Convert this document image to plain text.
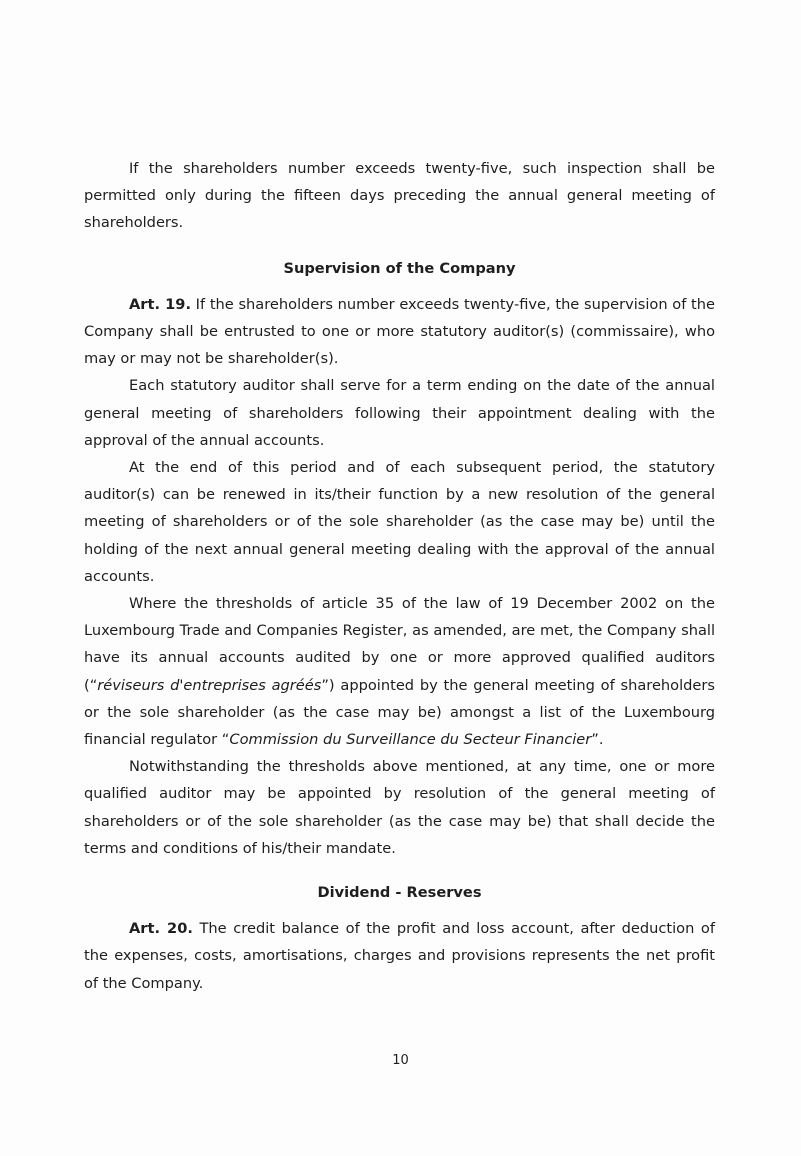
If the shareholders number exceeds twenty-five, such inspection shall be permitted only during the fifteen days preceding the annual general meeting of shareholders.

Supervision of the Company

Art. 19. If the shareholders number exceeds twenty-five, the supervision of the Company shall be entrusted to one or more statutory auditor(s) (commissaire), who may or may not be shareholder(s).

Each statutory auditor shall serve for a term ending on the date of the annual general meeting of shareholders following their appointment dealing with the approval of the annual accounts.

At the end of this period and of each subsequent period, the statutory auditor(s) can be renewed in its/their function by a new resolution of the general meeting of shareholders or of the sole shareholder (as the case may be) until the holding of the next annual general meeting dealing with the approval of the annual accounts.

Where the thresholds of article 35 of the law of 19 December 2002 on the Luxembourg Trade and Companies Register, as amended, are met, the Company shall have its annual accounts audited by one or more approved qualified auditors (“réviseurs d'entreprises agréés”) appointed by the general meeting of shareholders or the sole shareholder (as the case may be) amongst a list of the Luxembourg financial regulator “Commission du Surveillance du Secteur Financier”.

Notwithstanding the thresholds above mentioned, at any time, one or more qualified auditor may be appointed by resolution of the general meeting of shareholders or of the sole shareholder (as the case may be) that shall decide the terms and conditions of his/their mandate.

Dividend - Reserves

Art. 20. The credit balance of the profit and loss account, after deduction of the expenses, costs, amortisations, charges and provisions represents the net profit of the Company.

10
